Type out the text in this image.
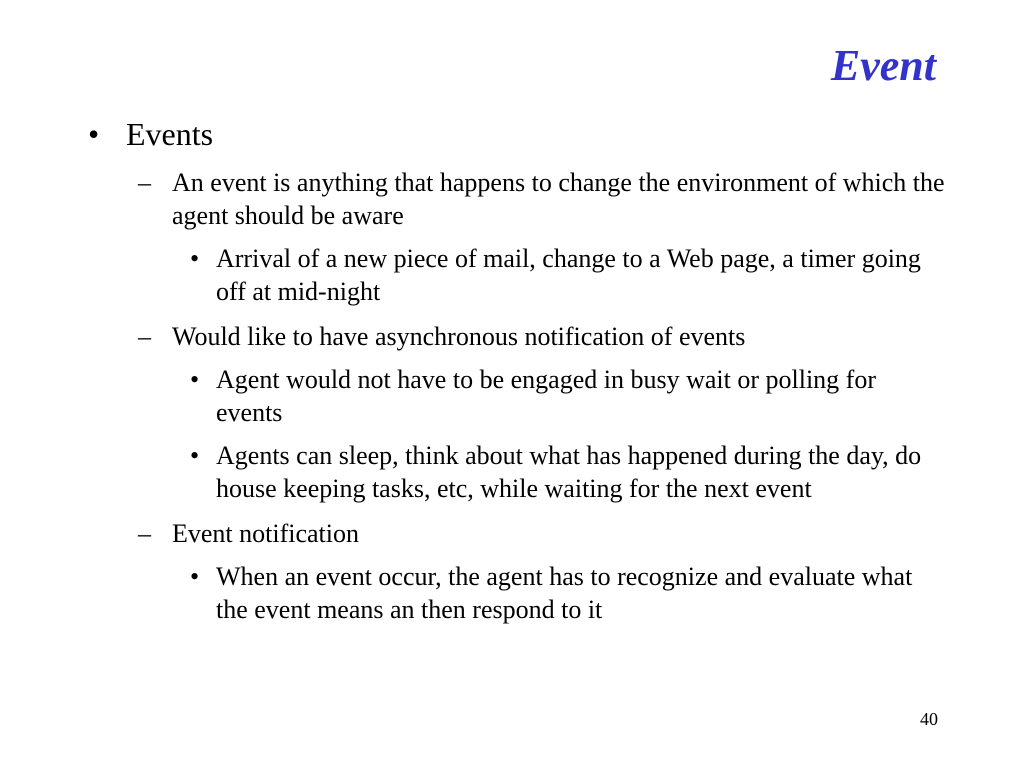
Event
• Events
– An event is anything that happens to change the environment of which the agent should be aware
• Arrival of a new piece of mail, change to a Web page, a timer going off at mid-night
– Would like to have asynchronous notification of events
• Agent would not have to be engaged in busy wait or polling for events
• Agents can sleep, think about what has happened during the day, do house keeping tasks, etc, while waiting for the next event
– Event notification
• When an event occur, the agent has to recognize and evaluate what the event means an then respond to it
40
